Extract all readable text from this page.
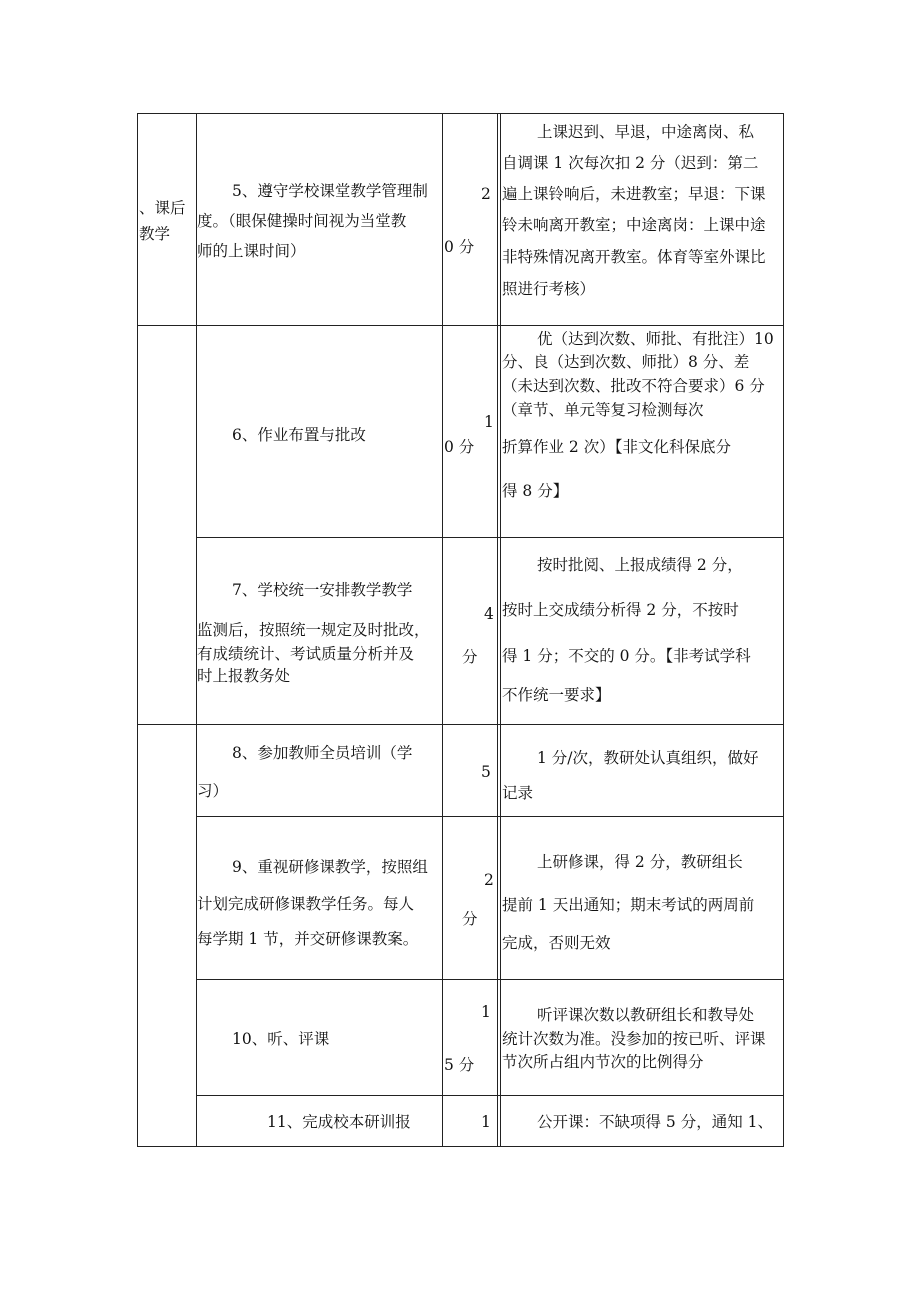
、课后
教学
5、遵守学校课堂教学管理制
度。（眼保健操时间视为当堂教
师的上课时间）
2
0 分
上课迟到、早退，中途离岗、私
自调课 1 次每次扣 2 分（迟到：第二
遍上课铃响后，未进教室；早退：下课
铃未响离开教室；中途离岗：上课中途
非特殊情况离开教室。体育等室外课比
照进行考核）
6、作业布置与批改
1
0 分
优（达到次数、师批、有批注）10
分、良（达到次数、师批）8 分、差
（未达到次数、批改不符合要求）6 分
（章节、单元等复习检测每次
折算作业 2 次）【非文化科保底分
得 8 分】
7、学校统一安排教学教学
监测后，按照统一规定及时批改，
有成绩统计、考试质量分析并及
时上报教务处
4
分
按时批阅、上报成绩得 2 分，
按时上交成绩分析得 2 分，不按时
得 1 分；不交的 0 分。【非考试学科
不作统一要求】
8、参加教师全员培训（学
习）
5
1 分/次，教研处认真组织，做好
记录
9、重视研修课教学，按照组
计划完成研修课教学任务。每人
每学期 1 节，并交研修课教案。
2
分
上研修课，得 2 分，教研组长
提前 1 天出通知；期末考试的两周前
完成，否则无效
10、听、评课
1
5 分
听评课次数以教研组长和教导处
统计次数为准。没参加的按已听、评课
节次所占组内节次的比例得分
11、完成校本研训报	1	公开课：不缺项得 5 分，通知 1、
